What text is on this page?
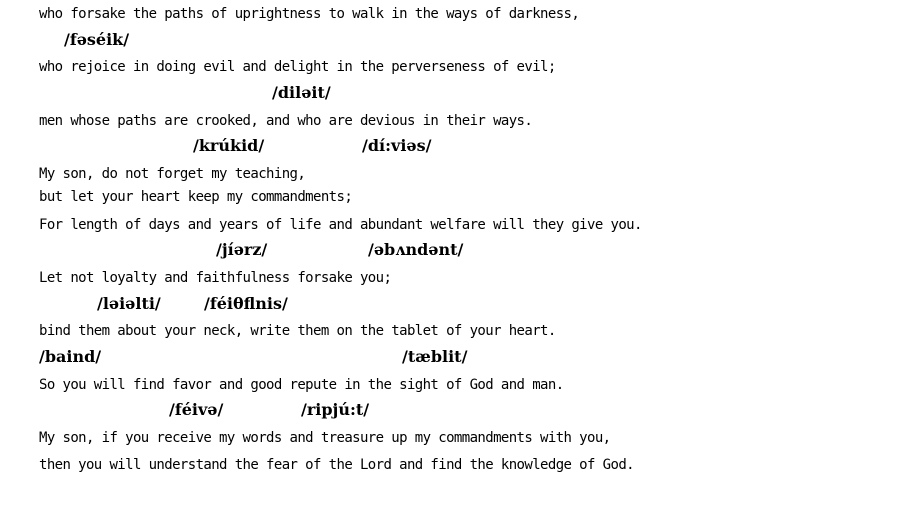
who forsake the paths of uprightness to walk in the ways of darkness,
/fəséik/
who rejoice in doing evil and delight in the perverseness of evil;
/diləit/
men whose paths are crooked, and who are devious in their ways.
/krúkid/	/dí:viəs/
My son, do not forget my teaching,
but let your heart keep my commandments;
For length of days and years of life and abundant welfare will they give you.
/jíərz/	/əbʌndənt/
Let not loyalty and faithfulness forsake you;
/ləiəlti/	/féiθflnis/
bind them about your neck, write them on the tablet of your heart.
/baind/	/tæblit/
So you will find favor and good repute in the sight of God and man.
/féivə/	/ripjú:t/
My son, if you receive my words and treasure up my commandments with you,
then you will understand the fear of the Lord and find the knowledge of God.
